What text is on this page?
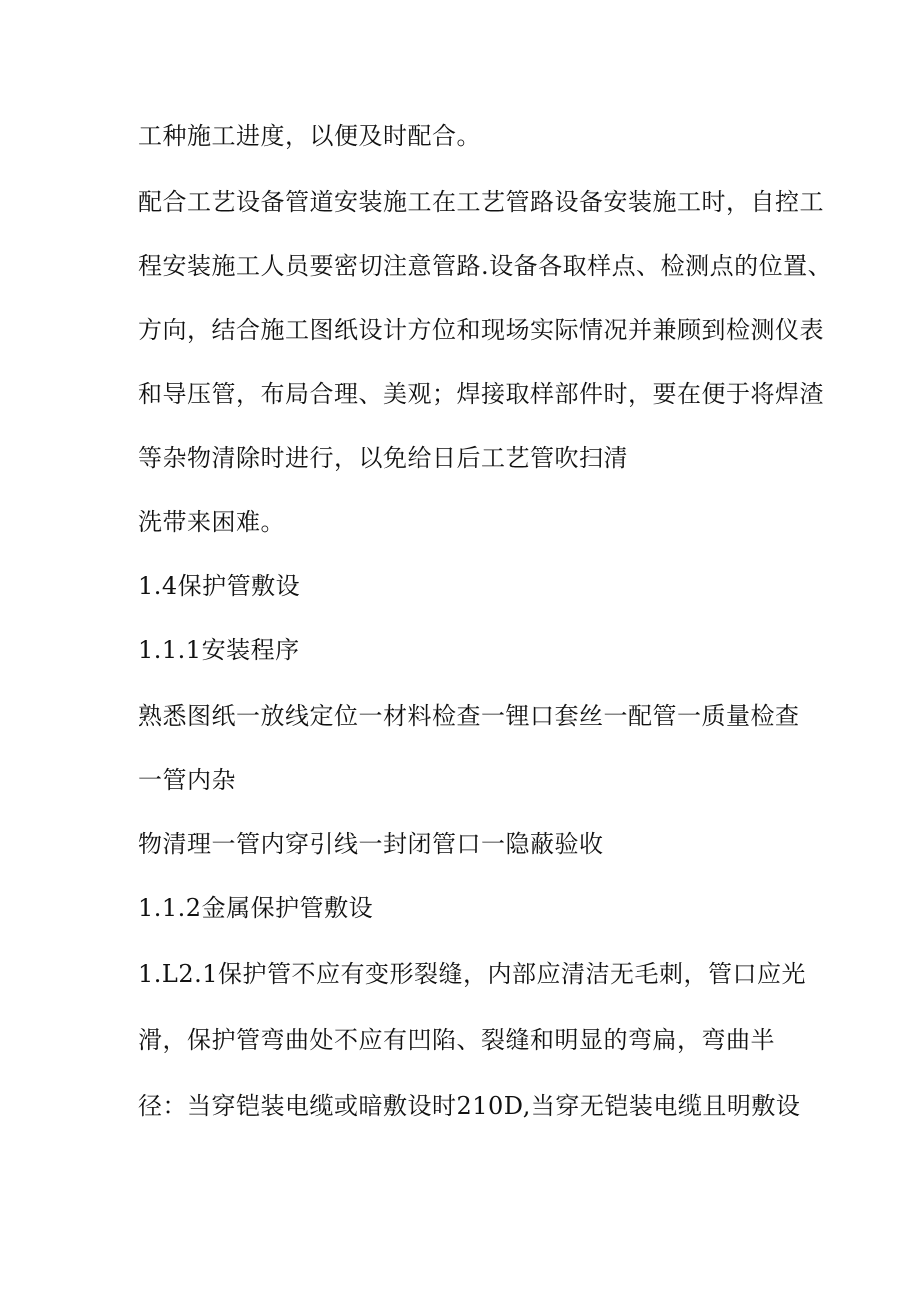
工种施工进度，以便及时配合。
配合工艺设备管道安装施工在工艺管路设备安装施工时，自控工
程安装施工人员要密切注意管路.设备各取样点、检测点的位置、
方向，结合施工图纸设计方位和现场实际情况并兼顾到检测仪表
和导压管，布局合理、美观；焊接取样部件时，要在便于将焊渣
等杂物清除时进行，以免给日后工艺管吹扫清
洗带来困难。
1.4保护管敷设
1.1.1安装程序
熟悉图纸一放线定位一材料检查一锂口套丝一配管一质量检查
一管内杂
物清理一管内穿引线一封闭管口一隐蔽验收
1.1.2金属保护管敷设
1.L2.1保护管不应有变形裂缝，内部应清洁无毛刺，管口应光
滑，保护管弯曲处不应有凹陷、裂缝和明显的弯扁，弯曲半
径：当穿铠装电缆或暗敷设时210D,当穿无铠装电缆且明敷设
